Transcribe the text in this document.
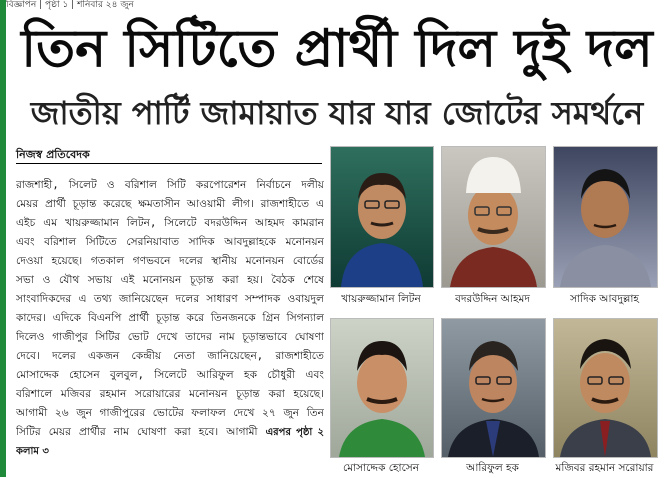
বিজ্ঞাপন | পৃষ্ঠা ১ | শনিবার ২৪ জুন
তিন সিটিতে প্রার্থী দিল দুই দল
জাতীয় পার্টি জামায়াত যার যার জোটের সমর্থনে
নিজস্ব প্রতিবেদক
রাজশাহী, সিলেট ও বরিশাল সিটি করপোরেশন নির্বাচনে দলীয় মেয়র প্রার্থী চূড়ান্ত করেছে ক্ষমতাসীন আওয়ামী লীগ। রাজশাহীতে এ এইচ এম খায়রুজ্জামান লিটন, সিলেটে বদরউদ্দিন আহমদ কামরান এবং বরিশাল সিটিতে সেরনিয়াবাত সাদিক আবদুল্লাহকে মনোনয়ন দেওয়া হয়েছে। গতকাল গণভবনে দলের স্থানীয় মনোনয়ন বোর্ডের সভা ও যৌথ সভায় এই মনোনয়ন চূড়ান্ত করা হয়। বৈঠক শেষে সাংবাদিকদের এ তথ্য জানিয়েছেন দলের সাধারণ সম্পাদক ওবায়দুল কাদের। এদিকে বিএনপি প্রার্থী চূড়ান্ত করে তিনজনকে গ্রিন সিগন্যাল দিলেও গাজীপুর সিটির ভোট দেখে তাদের নাম চূড়ান্তভাবে ঘোষণা দেবে। দলের একজন কেন্দ্রীয় নেতা জানিয়েছেন, রাজশাহীতে মোসাদ্দেক হোসেন বুলবুল, সিলেটে আরিফুল হক চৌধুরী এবং বরিশালে মজিবর রহমান সরোয়ারের মনোনয়ন চূড়ান্ত করা হয়েছে। আগামী ২৬ জুন গাজীপুরের ভোটের ফলাফল দেখে ২৭ জুন তিন সিটির মেয়র প্রার্থীর নাম ঘোষণা করা হবে। আগামী এরপর পৃষ্ঠা ২ কলাম ৩
খায়রুজ্জামান লিটন	বদরউদ্দিন আহমদ	সাদিক আবদুল্লাহ
মোসাদ্দেক হোসেন	আরিফুল হক	মজিবর রহমান সরোয়ার
